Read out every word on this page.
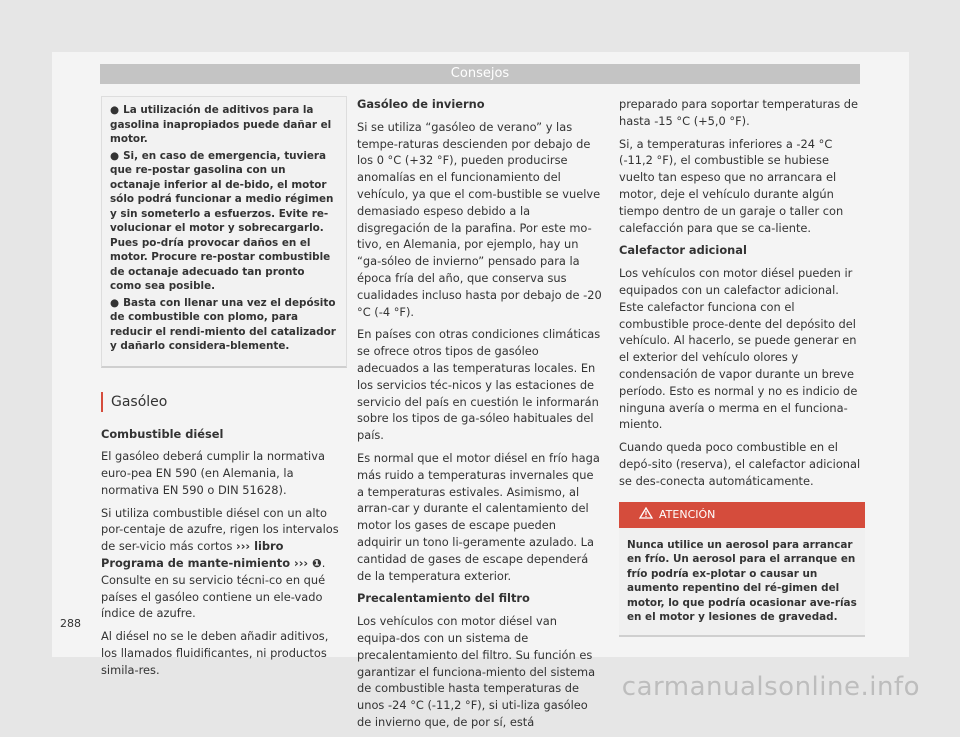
Consejos
● La utilización de aditivos para la gasolina inapropiados puede dañar el motor.
● Si, en caso de emergencia, tuviera que re-postar gasolina con un octanaje inferior al de-bido, el motor sólo podrá funcionar a medio régimen y sin someterlo a esfuerzos. Evite re-volucionar el motor y sobrecargarlo. Pues po-dría provocar daños en el motor. Procure re-postar combustible de octanaje adecuado tan pronto como sea posible.
● Basta con llenar una vez el depósito de combustible con plomo, para reducir el rendi-miento del catalizador y dañarlo considera-blemente.
Gasóleo

Combustible diésel

El gasóleo deberá cumplir la normativa euro-pea EN 590 (en Alemania, la normativa EN 590 o DIN 51628).

Si utiliza combustible diésel con un alto por-centaje de azufre, rigen los intervalos de ser-vicio más cortos ››› libro Programa de mante-nimiento ››› ❶. Consulte en su servicio técni-co en qué países el gasóleo contiene un ele-vado índice de azufre.

Al diésel no se le deben añadir aditivos, los llamados fluidificantes, ni productos simila-res.

Gasóleo de invierno

Si se utiliza “gasóleo de verano” y las tempe-raturas descienden por debajo de los 0 °C (+32 °F), pueden producirse anomalías en el funcionamiento del vehículo, ya que el com-bustible se vuelve demasiado espeso debido a la disgregación de la parafina. Por este mo-tivo, en Alemania, por ejemplo, hay un “ga-sóleo de invierno” pensado para la época fría del año, que conserva sus cualidades incluso hasta por debajo de -20 °C (-4 °F).

En países con otras condiciones climáticas se ofrece otros tipos de gasóleo adecuados a las temperaturas locales. En los servicios téc-nicos y las estaciones de servicio del país en cuestión le informarán sobre los tipos de ga-sóleo habituales del país.

Es normal que el motor diésel en frío haga más ruido a temperaturas invernales que a temperaturas estivales. Asimismo, al arran-car y durante el calentamiento del motor los gases de escape pueden adquirir un tono li-geramente azulado. La cantidad de gases de escape dependerá de la temperatura exterior.

Precalentamiento del filtro

Los vehículos con motor diésel van equipa-dos con un sistema de precalentamiento del filtro. Su función es garantizar el funciona-miento del sistema de combustible hasta temperaturas de unos -24 °C (-11,2 °F), si uti-liza gasóleo de invierno que, de por sí, está

preparado para soportar temperaturas de hasta -15 °C (+5,0 °F).

Si, a temperaturas inferiores a -24 °C (-11,2 °F), el combustible se hubiese vuelto tan espeso que no arrancara el motor, deje el vehículo durante algún tiempo dentro de un garaje o taller con calefacción para que se ca-liente.

Calefactor adicional

Los vehículos con motor diésel pueden ir equipados con un calefactor adicional. Este calefactor funciona con el combustible proce-dente del depósito del vehículo. Al hacerlo, se puede generar en el exterior del vehículo olores y condensación de vapor durante un breve período. Esto es normal y no es indicio de ninguna avería o merma en el funciona-miento.

Cuando queda poco combustible en el depó-sito (reserva), el calefactor adicional se des-conecta automáticamente.

ATENCIÓN
Nunca utilice un aerosol para arrancar en frío. Un aerosol para el arranque en frío podría ex-plotar o causar un aumento repentino del ré-gimen del motor, lo que podría ocasionar ave-rías en el motor y lesiones de gravedad.
288
carmanualsonline.info
